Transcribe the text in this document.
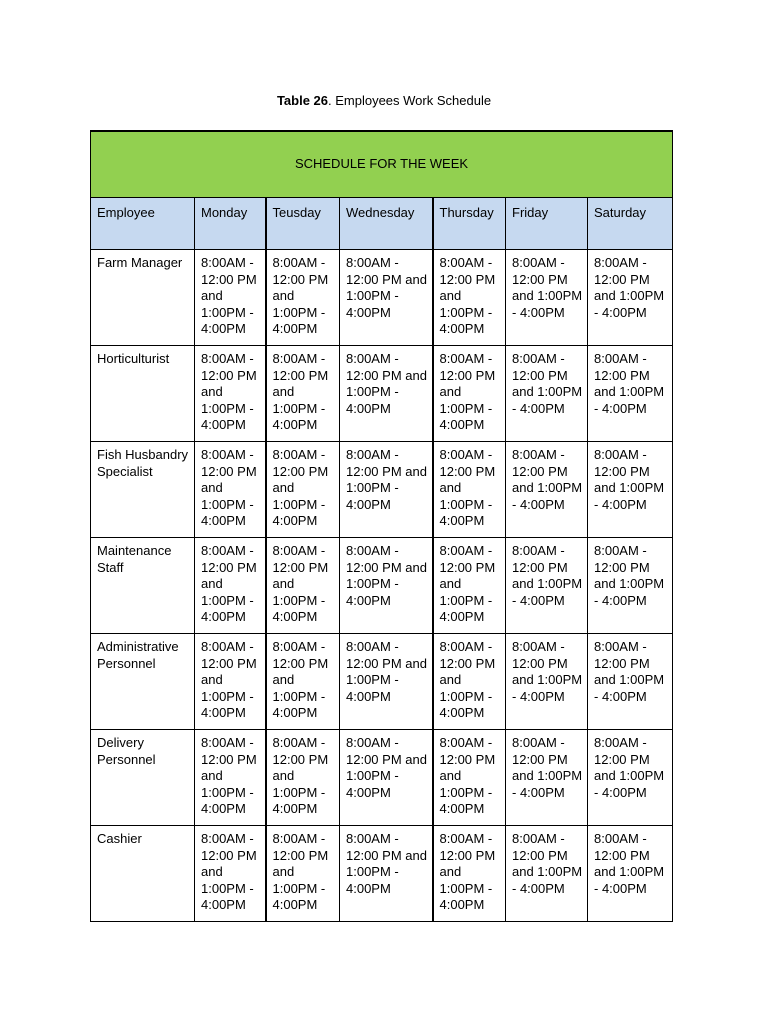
Table 26. Employees Work Schedule
SCHEDULE FOR THE WEEK						
Employee	Monday	Teusday	Wednesday	Thursday	Friday	Saturday
Farm Manager	8:00AM - 12:00 PM and 1:00PM - 4:00PM	8:00AM - 12:00 PM and 1:00PM - 4:00PM	8:00AM - 12:00 PM and 1:00PM - 4:00PM	8:00AM - 12:00 PM and 1:00PM - 4:00PM	8:00AM - 12:00 PM and 1:00PM - 4:00PM	8:00AM - 12:00 PM and 1:00PM - 4:00PM
Horticulturist	8:00AM - 12:00 PM and 1:00PM - 4:00PM	8:00AM - 12:00 PM and 1:00PM - 4:00PM	8:00AM - 12:00 PM and 1:00PM - 4:00PM	8:00AM - 12:00 PM and 1:00PM - 4:00PM	8:00AM - 12:00 PM and 1:00PM - 4:00PM	8:00AM - 12:00 PM and 1:00PM - 4:00PM
Fish Husbandry Specialist	8:00AM - 12:00 PM and 1:00PM - 4:00PM	8:00AM - 12:00 PM and 1:00PM - 4:00PM	8:00AM - 12:00 PM and 1:00PM - 4:00PM	8:00AM - 12:00 PM and 1:00PM - 4:00PM	8:00AM - 12:00 PM and 1:00PM - 4:00PM	8:00AM - 12:00 PM and 1:00PM - 4:00PM
Maintenance Staff	8:00AM - 12:00 PM and 1:00PM - 4:00PM	8:00AM - 12:00 PM and 1:00PM - 4:00PM	8:00AM - 12:00 PM and 1:00PM - 4:00PM	8:00AM - 12:00 PM and 1:00PM - 4:00PM	8:00AM - 12:00 PM and 1:00PM - 4:00PM	8:00AM - 12:00 PM and 1:00PM - 4:00PM
Administrative Personnel	8:00AM - 12:00 PM and 1:00PM - 4:00PM	8:00AM - 12:00 PM and 1:00PM - 4:00PM	8:00AM - 12:00 PM and 1:00PM - 4:00PM	8:00AM - 12:00 PM and 1:00PM - 4:00PM	8:00AM - 12:00 PM and 1:00PM - 4:00PM	8:00AM - 12:00 PM and 1:00PM - 4:00PM
Delivery Personnel	8:00AM - 12:00 PM and 1:00PM - 4:00PM	8:00AM - 12:00 PM and 1:00PM - 4:00PM	8:00AM - 12:00 PM and 1:00PM - 4:00PM	8:00AM - 12:00 PM and 1:00PM - 4:00PM	8:00AM - 12:00 PM and 1:00PM - 4:00PM	8:00AM - 12:00 PM and 1:00PM - 4:00PM
Cashier	8:00AM - 12:00 PM and 1:00PM - 4:00PM	8:00AM - 12:00 PM and 1:00PM - 4:00PM	8:00AM - 12:00 PM and 1:00PM - 4:00PM	8:00AM - 12:00 PM and 1:00PM - 4:00PM	8:00AM - 12:00 PM and 1:00PM - 4:00PM	8:00AM - 12:00 PM and 1:00PM - 4:00PM
